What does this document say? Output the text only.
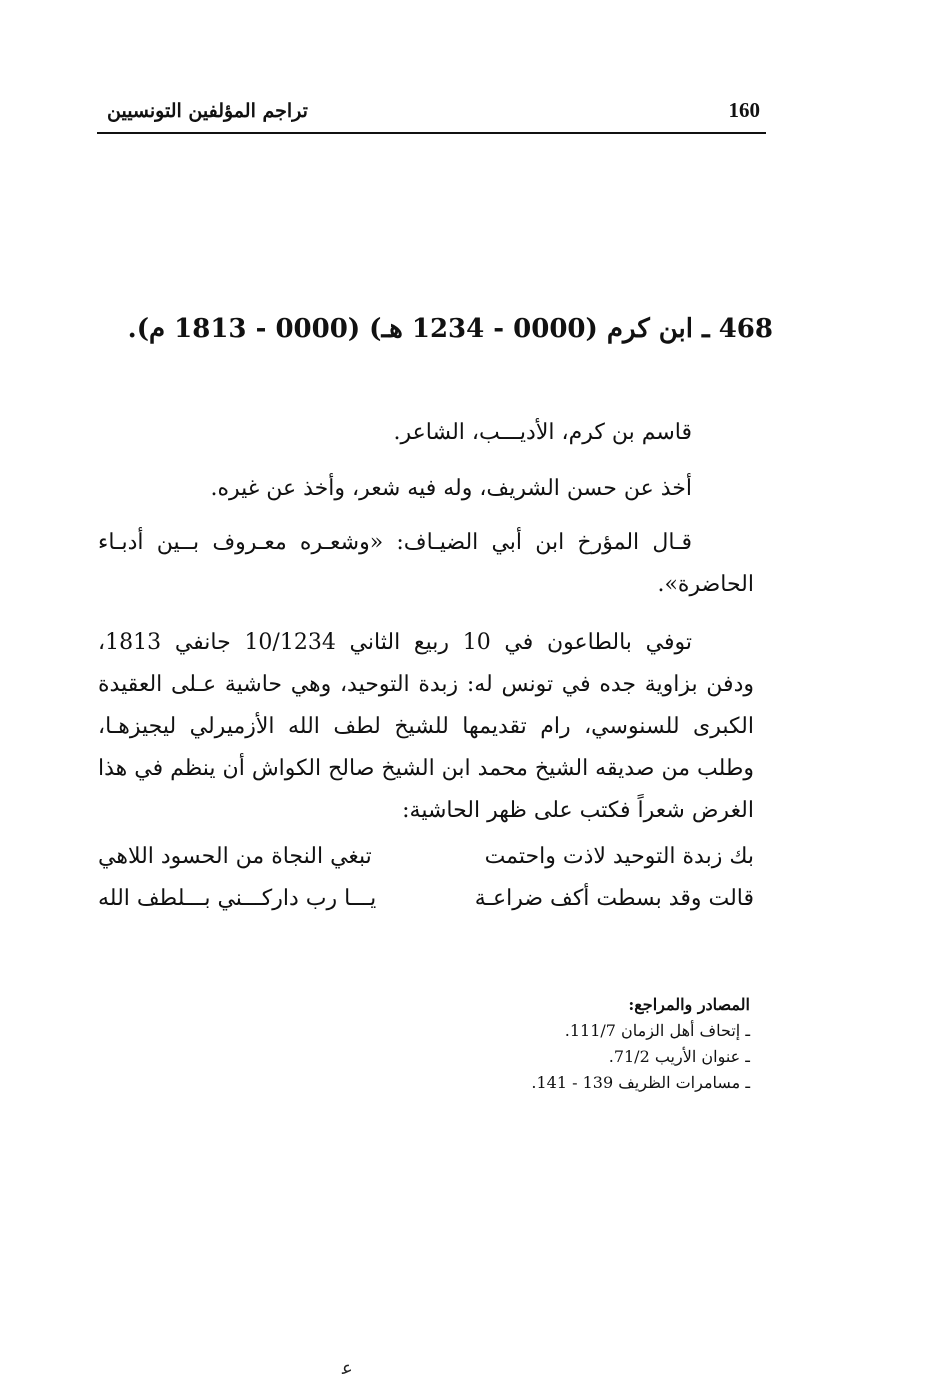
تراجم المؤلفين التونسيين	160
468 ـ ابن كرم (0000 - 1234 هـ) (0000 - 1813 م).
قاسم بن كرم، الأديـــب، الشاعر.
أخذ عن حسن الشريف، وله فيه شعر، وأخذ عن غيره.
قـال المؤرخ ابن أبي الضيـاف: «وشعـره معـروف بــين أدبـاء الحاضرة».
توفي بالطاعون في 10 ربيع الثاني 10/1234 جانفي 1813، ودفن بزاوية جده في تونس له: زبدة التوحيد، وهي حاشية عـلى العقيدة الكبرى للسنوسي، رام تقديمها للشيخ لطف الله الأزميرلي ليجيزهـا، وطلب من صديقه الشيخ محمد ابن الشيخ صالح الكواش أن ينظم في هذا الغرض شعراً فكتب على ظهر الحاشية:
بك زبدة التوحيد لاذت واحتمت
تبغي النجاة من الحسود اللاهي
قالت وقد بسطت أكف ضراعـة
يـــا رب داركـــني بـــلطف الله
المصادر والمراجع:
ـ إتحاف أهل الزمان 111/7.
ـ عنوان الأريب 71/2.
ـ مسامرات الظريف 139 - 141.
ﻋ
